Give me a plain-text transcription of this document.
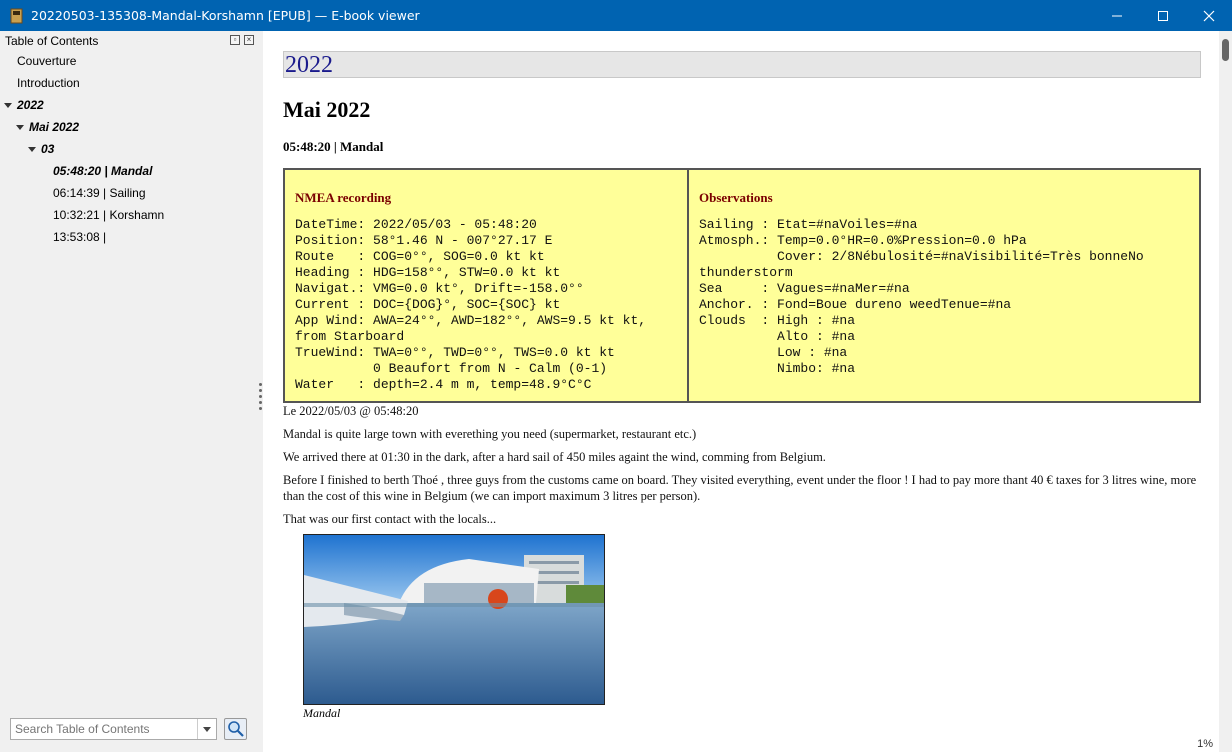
20220503-135308-Mandal-Korshamn [EPUB] — E-book viewer
Table of Contents	▫	×
Couverture
Introduction
2022
Mai 2022
03
05:48:20 | Mandal
06:14:39 | Sailing
10:32:21 | Korshamn
13:53:08 |
Search Table of Contents
2022
Mai 2022
05:48:20 | Mandal
NMEA recording
DateTime: 2022/05/03 - 05:48:20
Position: 58°1.46 N - 007°27.17 E
Route   : COG=0°°, SOG=0.0 kt kt
Heading : HDG=158°°, STW=0.0 kt kt
Navigat.: VMG=0.0 kt°, Drift=-158.0°°
Current : DOC={DOG}°, SOC={SOC} kt
App Wind: AWA=24°°, AWD=182°°, AWS=9.5 kt kt, from Starboard
TrueWind: TWA=0°°, TWD=0°°, TWS=0.0 kt kt
0 Beaufort from N - Calm (0-1)
Water   : depth=2.4 m m, temp=48.9°C°C
Observations
Sailing : Etat=#naVoiles=#na
Atmosph.: Temp=0.0°HR=0.0%Pression=0.0 hPa
Cover: 2/8Nébulosité=#naVisibilité=Très bonneNo thunderstorm
Sea     : Vagues=#naMer=#na
Anchor. : Fond=Boue dureno weedTenue=#na
Clouds  : High : #na
Alto : #na
Low : #na
Nimbo: #na
Le 2022/05/03 @ 05:48:20
Mandal is quite large town with everething you need (supermarket, restaurant etc.)
We arrived there at 01:30 in the dark, after a hard sail of 450 miles againt the wind, comming from Belgium.
Before I finished to berth Thoé , three guys from the customs came on board. They visited everything, event under the floor ! I had to pay more thant 40 € taxes for 3 litres wine, more than the cost of this wine in Belgium (we can import maximum 3 litres per person).
That was our first contact with the locals...
Mandal
1%
